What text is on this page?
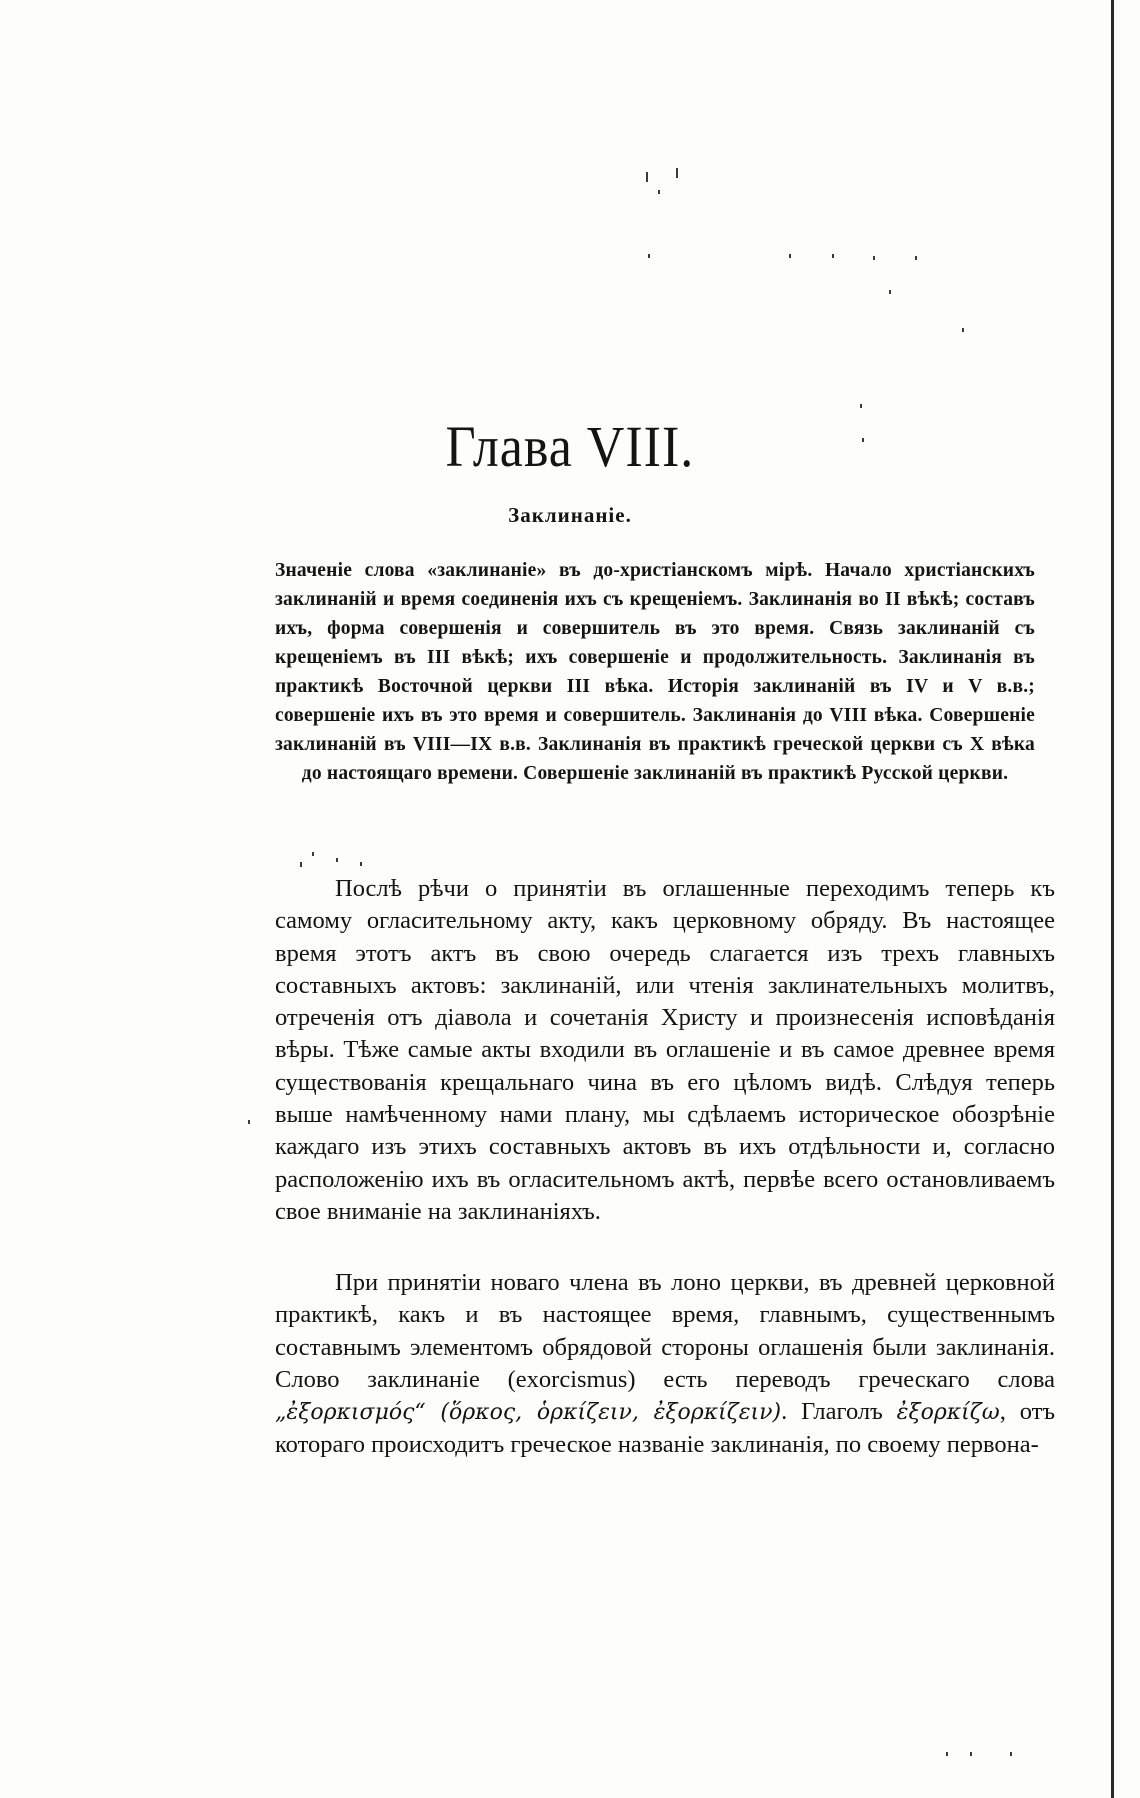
Глава VIII.
Заклинаніе.
Значеніе слова «заклинаніе» въ до-христіанскомъ мірѣ. Начало христіанскихъ заклинаній и время соединенія ихъ съ крещеніемъ. Заклинанія во II вѣкѣ; составъ ихъ, форма совершенія и совершитель въ это время. Связь заклинаній съ крещеніемъ въ III вѣкѣ; ихъ совершеніе и продолжительность. Заклинанія въ практикѣ Восточной церкви III вѣка. Исторія заклинаній въ IV и V в.в.; совершеніе ихъ въ это время и совершитель. Заклинанія до VIII вѣка. Совершеніе заклинаній въ VIII—IX в.в. Заклинанія въ практикѣ греческой церкви съ X вѣка до настоящаго времени. Совершеніе заклинаній въ практикѣ Русской церкви.

Послѣ рѣчи о принятіи въ оглашенные переходимъ теперь къ самому огласительному акту, какъ церковному обряду. Въ настоящее время этотъ актъ въ свою очередь слагается изъ трехъ главныхъ составныхъ актовъ: заклинаній, или чтенія заклинательныхъ молитвъ, отреченія отъ діавола и сочетанія Христу и произнесенія исповѣданія вѣры. Тѣже самые акты входили въ оглашеніе и въ самое древнее время существованія крещальнаго чина въ его цѣломъ видѣ. Слѣдуя теперь выше намѣченному нами плану, мы сдѣлаемъ историческое обозрѣніе каждаго изъ этихъ составныхъ актовъ въ ихъ отдѣльности и, согласно расположенію ихъ въ огласительномъ актѣ, первѣе всего остановливаемъ свое вниманіе на заклинаніяхъ.

При принятіи новаго члена въ лоно церкви, въ древней церковной практикѣ, какъ и въ настоящее время, главнымъ, существеннымъ составнымъ элементомъ обрядовой стороны оглашенія были заклинанія. Слово заклинаніе (exorcismus) есть переводъ греческаго слова „ἐξορκισμός“ (ὅρκος, ὁρκίζειν, ἐξορκίζειν). Глаголъ ἐξορκίζω, отъ котораго происходитъ греческое названіе заклинанія, по своему первона-
